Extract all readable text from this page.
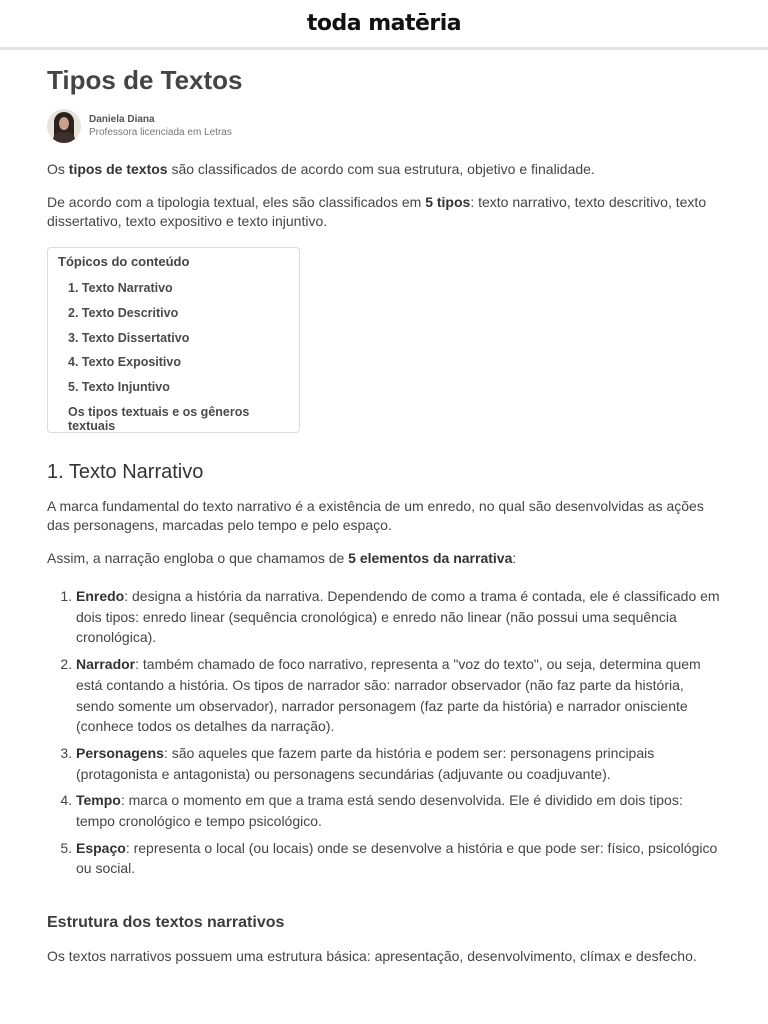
toda matēria
Tipos de Textos
Daniela Diana
Professora licenciada em Letras

Os tipos de textos são classificados de acordo com sua estrutura, objetivo e finalidade.

De acordo com a tipologia textual, eles são classificados em 5 tipos: texto narrativo, texto descritivo, texto dissertativo, texto expositivo e texto injuntivo.

Tópicos do conteúdo
1. Texto Narrativo
2. Texto Descritivo
3. Texto Dissertativo
4. Texto Expositivo
5. Texto Injuntivo
Os tipos textuais e os gêneros textuais
1. Texto Narrativo

A marca fundamental do texto narrativo é a existência de um enredo, no qual são desenvolvidas as ações das personagens, marcadas pelo tempo e pelo espaço.

Assim, a narração engloba o que chamamos de 5 elementos da narrativa:

1. Enredo: designa a história da narrativa. Dependendo de como a trama é contada, ele é classificado em dois tipos: enredo linear (sequência cronológica) e enredo não linear (não possui uma sequência cronológica).
2. Narrador: também chamado de foco narrativo, representa a "voz do texto", ou seja, determina quem está contando a história. Os tipos de narrador são: narrador observador (não faz parte da história, sendo somente um observador), narrador personagem (faz parte da história) e narrador onisciente (conhece todos os detalhes da narração).
3. Personagens: são aqueles que fazem parte da história e podem ser: personagens principais (protagonista e antagonista) ou personagens secundárias (adjuvante ou coadjuvante).
4. Tempo: marca o momento em que a trama está sendo desenvolvida. Ele é dividido em dois tipos: tempo cronológico e tempo psicológico.
5. Espaço: representa o local (ou locais) onde se desenvolve a história e que pode ser: físico, psicológico ou social.
Estrutura dos textos narrativos

Os textos narrativos possuem uma estrutura básica: apresentação, desenvolvimento, clímax e desfecho.
